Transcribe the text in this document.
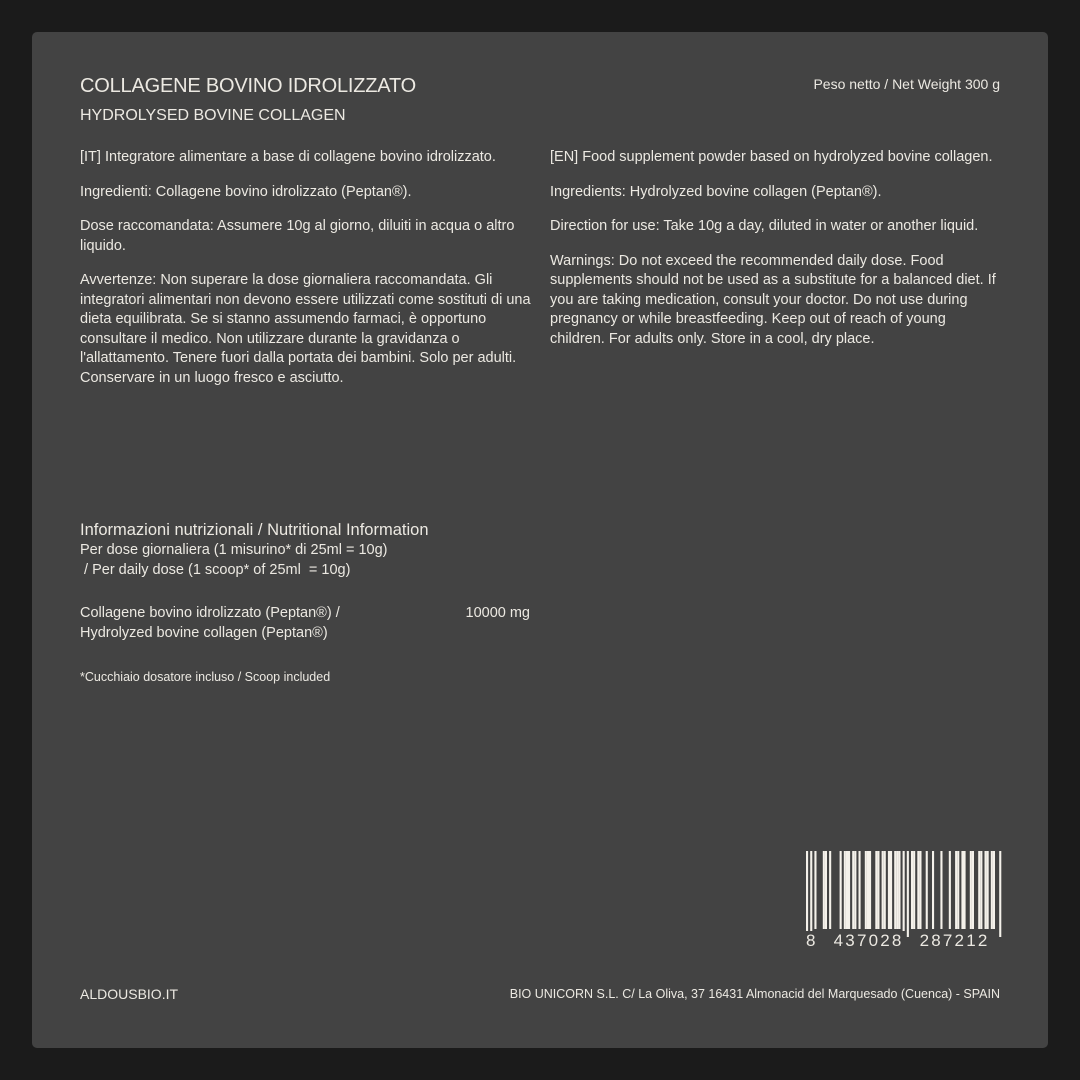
COLLAGENE BOVINO IDROLIZZATO
HYDROLYSED BOVINE COLLAGEN
Peso netto / Net Weight 300 g

[IT] Integratore alimentare a base di collagene bovino idrolizzato.

Ingredienti: Collagene bovino idrolizzato (Peptan®).

Dose raccomandata: Assumere 10g al giorno, diluiti in acqua o altro liquido.

Avvertenze: Non superare la dose giornaliera raccomandata. Gli integratori alimentari non devono essere utilizzati come sostituti di una dieta equilibrata. Se si stanno assumendo farmaci, è opportuno consultare il medico. Non utilizzare durante la gravidanza o l'allattamento. Tenere fuori dalla portata dei bambini. Solo per adulti. Conservare in un luogo fresco e asciutto.

[EN] Food supplement powder based on hydrolyzed bovine collagen.

Ingredients: Hydrolyzed bovine collagen (Peptan®).

Direction for use: Take 10g a day, diluted in water or another liquid.

Warnings: Do not exceed the recommended daily dose. Food supplements should not be used as a substitute for a balanced diet. If you are taking medication, consult your doctor. Do not use during pregnancy or while breastfeeding. Keep out of reach of young children. For adults only. Store in a cool, dry place.

Informazioni nutrizionali / Nutritional Information
Per dose giornaliera (1 misurino* di 25ml = 10g)
/ Per daily dose (1 scoop* of 25ml  = 10g)
Collagene bovino idrolizzato (Peptan®) /
Hydrolyzed bovine collagen (Peptan®)
10000 mg
*Cucchiaio dosatore incluso / Scoop included
8 437028 287212
ALDOUSBIO.IT	BIO UNICORN S.L. C/ La Oliva, 37 16431 Almonacid del Marquesado (Cuenca) - SPAIN
